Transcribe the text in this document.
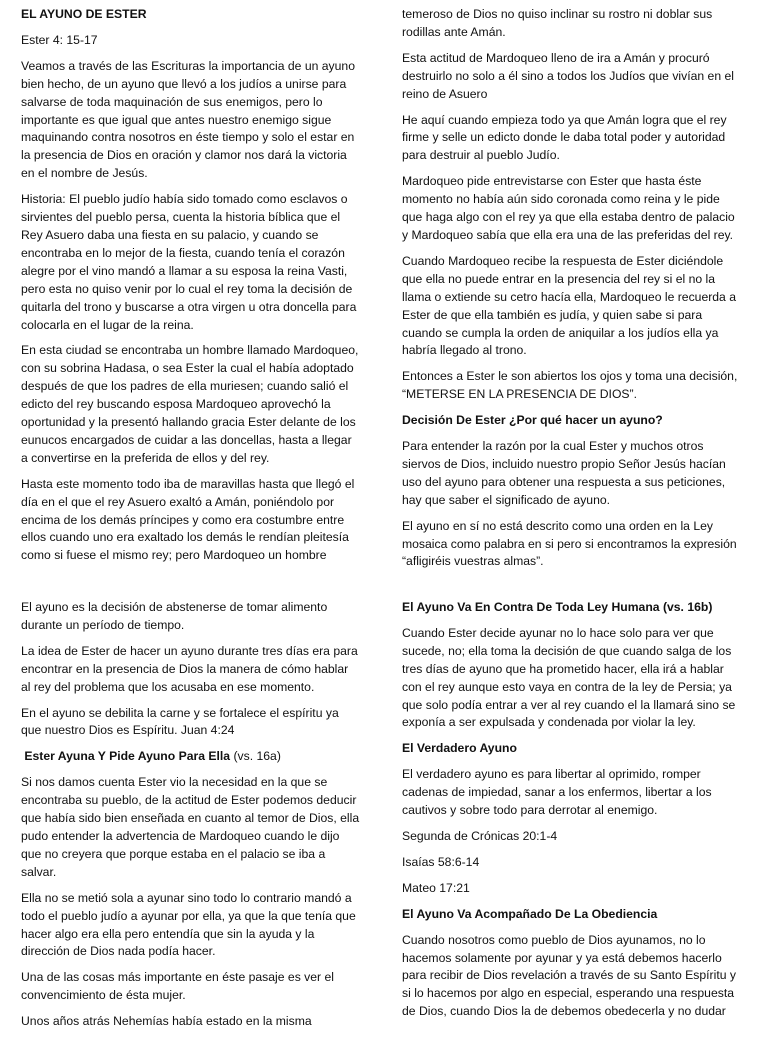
EL AYUNO DE ESTER

Ester 4: 15-17

Veamos a través de las Escrituras la importancia de un ayuno bien hecho, de un ayuno que llevó a los judíos a unirse para salvarse de toda maquinación de sus enemigos, pero lo importante es que igual que antes nuestro enemigo sigue maquinando contra nosotros en éste tiempo y solo el estar en la presencia de Dios en oración y clamor nos dará la victoria en el nombre de Jesús.

Historia: El pueblo judío había sido tomado como esclavos o sirvientes del pueblo persa, cuenta la historia bíblica que el Rey Asuero daba una fiesta en su palacio, y cuando se encontraba en lo mejor de la fiesta, cuando tenía el corazón alegre por el vino mandó a llamar a su esposa la reina Vasti, pero esta no quiso venir por lo cual el rey toma la decisión de quitarla del trono y buscarse a otra virgen u otra doncella para colocarla en el lugar de la reina.

En esta ciudad se encontraba un hombre llamado Mardoqueo, con su sobrina Hadasa, o sea Ester la cual el había adoptado después de que los padres de ella muriesen; cuando salió el edicto del rey buscando esposa Mardoqueo aprovechó la oportunidad y la presentó hallando gracia Ester delante de los eunucos encargados de cuidar a las doncellas, hasta a llegar a convertirse en la preferida de ellos y del rey.

Hasta este momento todo iba de maravillas hasta que llegó el día en el que el rey Asuero exaltó a Amán, poniéndolo por encima de los demás príncipes y como era costumbre entre ellos cuando uno era exaltado los demás le rendían pleitesía como si fuese el mismo rey; pero Mardoqueo un hombre

temeroso de Dios no quiso inclinar su rostro ni doblar sus rodillas ante Amán.

Esta actitud de Mardoqueo lleno de ira a Amán y procuró destruirlo no solo a él sino a todos los Judíos que vivían en el reino de Asuero

He aquí cuando empieza todo ya que Amán logra que el rey firme y selle un edicto donde le daba total poder y autoridad para destruir al pueblo Judío.

Mardoqueo pide entrevistarse con Ester que hasta éste momento no había aún sido coronada como reina y le pide que haga algo con el rey ya que ella estaba dentro de palacio y Mardoqueo sabía que ella era una de las preferidas del rey.

Cuando Mardoqueo recibe la respuesta de Ester diciéndole que ella no puede entrar en la presencia del rey si el no la llama o extiende su cetro hacía ella, Mardoqueo le recuerda a Ester de que ella también es judía, y quien sabe si para cuando se cumpla la orden de aniquilar a los judíos ella ya habría llegado al trono.

Entonces a Ester le son abiertos los ojos y toma una decisión, “METERSE EN LA PRESENCIA DE DIOS”.

Decisión De Ester ¿Por qué hacer un ayuno?

Para entender la razón por la cual Ester y muchos otros siervos de Dios, incluido nuestro propio Señor Jesús hacían uso del ayuno para obtener una respuesta a sus peticiones, hay que saber el significado de ayuno.

El ayuno en sí no está descrito como una orden en la Ley mosaica como palabra en si pero si encontramos la expresión “afligiréis vuestras almas”.

El ayuno es la decisión de abstenerse de tomar alimento durante un período de tiempo.

La idea de Ester de hacer un ayuno durante tres días era para encontrar en la presencia de Dios la manera de cómo hablar al rey del problema que los acusaba en ese momento.

En el ayuno se debilita la carne y se fortalece el espíritu ya que nuestro Dios es Espíritu. Juan 4:24

Ester Ayuna Y Pide Ayuno Para Ella (vs. 16a)

Si nos damos cuenta Ester vio la necesidad en la que se encontraba su pueblo, de la actitud de Ester podemos deducir que había sido bien enseñada en cuanto al temor de Dios, ella pudo entender la advertencia de Mardoqueo cuando le dijo que no creyera que porque estaba en el palacio se iba a salvar.

Ella no se metió sola a ayunar sino todo lo contrario mandó a todo el pueblo judío a ayunar por ella, ya que la que tenía que hacer algo era ella pero entendía que sin la ayuda y la dirección de Dios nada podía hacer.

Una de las cosas más importante en éste pasaje es ver el convencimiento de ésta mujer.

Unos años atrás Nehemías había estado en la misma

El Ayuno Va En Contra De Toda Ley Humana (vs. 16b)

Cuando Ester decide ayunar no lo hace solo para ver que sucede, no; ella toma la decisión de que cuando salga de los tres días de ayuno que ha prometido hacer, ella irá a hablar con el rey aunque esto vaya en contra de la ley de Persia; ya que solo podía entrar a ver al rey cuando el la llamará sino se exponía a ser expulsada y condenada por violar la ley.

El Verdadero Ayuno

El verdadero ayuno es para libertar al oprimido, romper cadenas de impiedad, sanar a los enfermos, libertar a los cautivos y sobre todo para derrotar al enemigo.

Segunda de Crónicas 20:1-4

Isaías 58:6-14

Mateo 17:21

El Ayuno Va Acompañado De La Obediencia

Cuando nosotros como pueblo de Dios ayunamos, no lo hacemos solamente por ayunar y ya está debemos hacerlo para recibir de Dios revelación a través de su Santo Espíritu y si lo hacemos por algo en especial, esperando una respuesta de Dios, cuando Dios la de debemos obedecerla y no dudar
